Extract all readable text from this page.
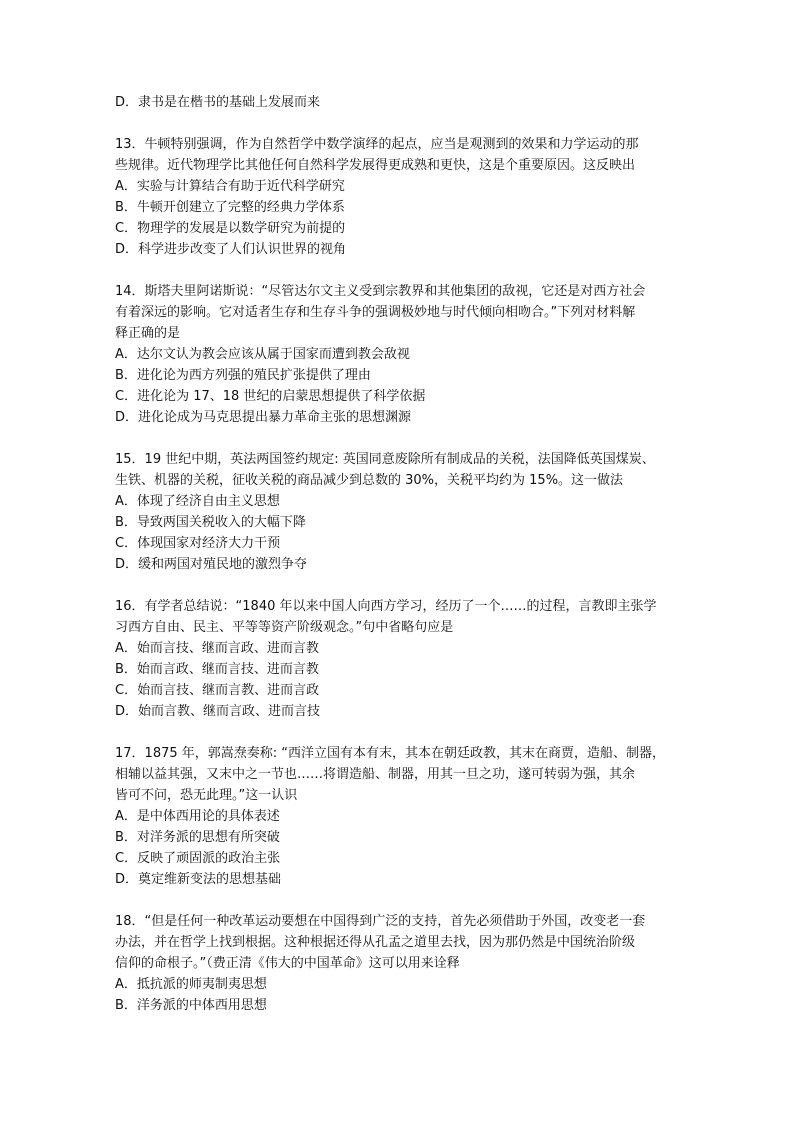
D．隶书是在楷书的基础上发展而来
13．牛顿特别强调，作为自然哲学中数学演绎的起点，应当是观测到的效果和力学运动的那
些规律。近代物理学比其他任何自然科学发展得更成熟和更快，这是个重要原因。这反映出
A．实验与计算结合有助于近代科学研究
B．牛顿开创建立了完整的经典力学体系
C．物理学的发展是以数学研究为前提的
D．科学进步改变了人们认识世界的视角
14．斯塔夫里阿诺斯说：“尽管达尔文主义受到宗教界和其他集团的敌视，它还是对西方社会
有着深远的影响。它对适者生存和生存斗争的强调极妙地与时代倾向相吻合。”下列对材料解
释正确的是
A．达尔文认为教会应该从属于国家而遭到教会敌视
B．进化论为西方列强的殖民扩张提供了理由
C．进化论为 17、18 世纪的启蒙思想提供了科学依据
D．进化论成为马克思提出暴力革命主张的思想渊源
15．19 世纪中期，英法两国签约规定: 英国同意废除所有制成品的关税，法国降低英国煤炭、
生铁、机器的关税，征收关税的商品减少到总数的 30%，关税平均约为 15%。这一做法
A．体现了经济自由主义思想
B．导致两国关税收入的大幅下降
C．体现国家对经济大力干预
D．缓和两国对殖民地的激烈争夺
16．有学者总结说：“1840 年以来中国人向西方学习，经历了一个……的过程，言教即主张学
习西方自由、民主、平等等资产阶级观念。”句中省略句应是
A．始而言技、继而言政、进而言教
B．始而言政、继而言技、进而言教
C．始而言技、继而言教、进而言政
D．始而言教、继而言政、进而言技
17．1875 年，郭嵩焘奏称: “西洋立国有本有末，其本在朝廷政教，其末在商贾，造船、制器，
相辅以益其强，又末中之一节也……将谓造船、制器，用其一旦之功，遂可转弱为强，其余
皆可不问，恐无此理。”这一认识
A．是中体西用论的具体表述
B．对洋务派的思想有所突破
C．反映了顽固派的政治主张
D．奠定维新变法的思想基础
18．“但是任何一种改革运动要想在中国得到广泛的支持，首先必须借助于外国，改变老一套
办法，并在哲学上找到根据。这种根据还得从孔孟之道里去找，因为那仍然是中国统治阶级
信仰的命根子。”（费正清《伟大的中国革命》这可以用来诠释
A．抵抗派的师夷制夷思想
B．洋务派的中体西用思想
